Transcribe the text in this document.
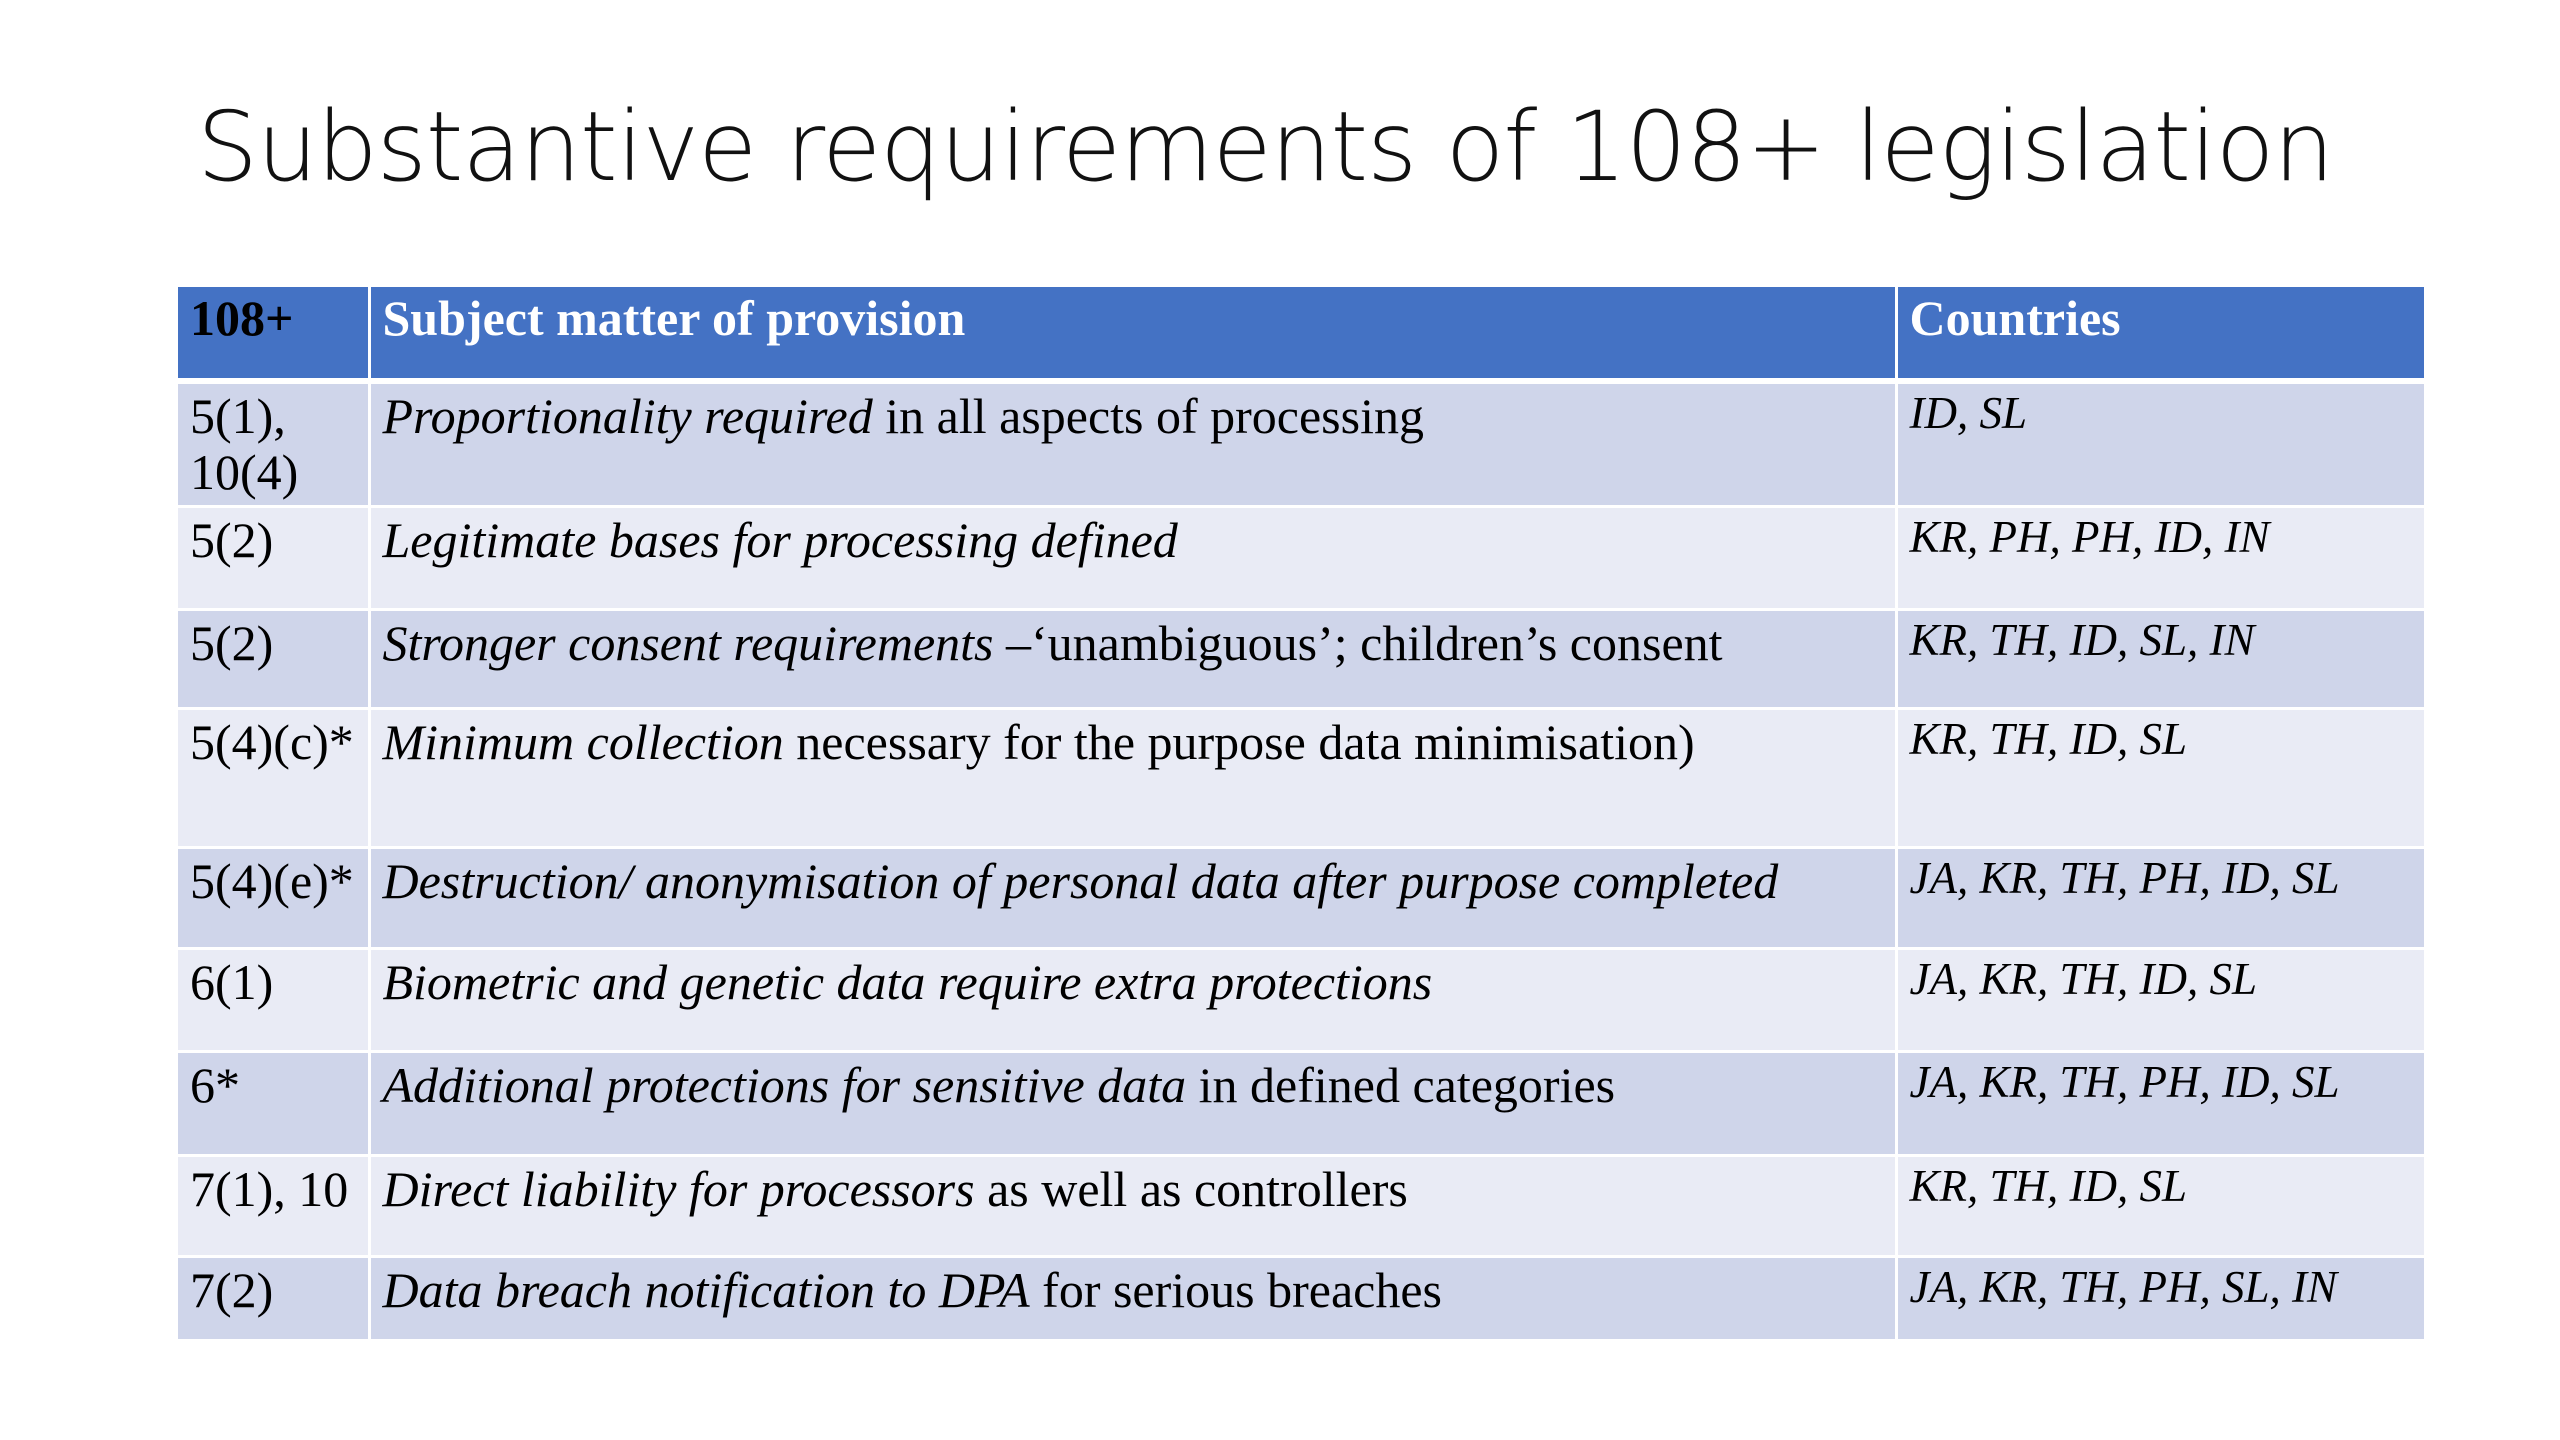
Substantive requirements of 108+ legislation
108+	Subject matter of provision	Countries
5(1), 10(4)	Proportionality required in all aspects of processing	ID, SL
5(2)	Legitimate bases for processing defined	KR, PH, PH, ID, IN
5(2)	Stronger consent requirements –‘unambiguous’; children’s consent	KR, TH, ID, SL, IN
5(4)(c)*	Minimum collection necessary for the purpose data minimisation)	KR, TH, ID, SL
5(4)(e)*	Destruction/ anonymisation of personal data after purpose completed	JA, KR, TH, PH, ID, SL
6(1)	Biometric and genetic data require extra protections	JA, KR, TH, ID, SL
6*	Additional protections for sensitive data in defined categories	JA, KR, TH, PH, ID, SL
7(1), 10	Direct liability for processors as well as controllers	KR, TH, ID, SL
7(2)	Data breach notification to DPA for serious breaches	JA, KR, TH, PH, SL, IN
